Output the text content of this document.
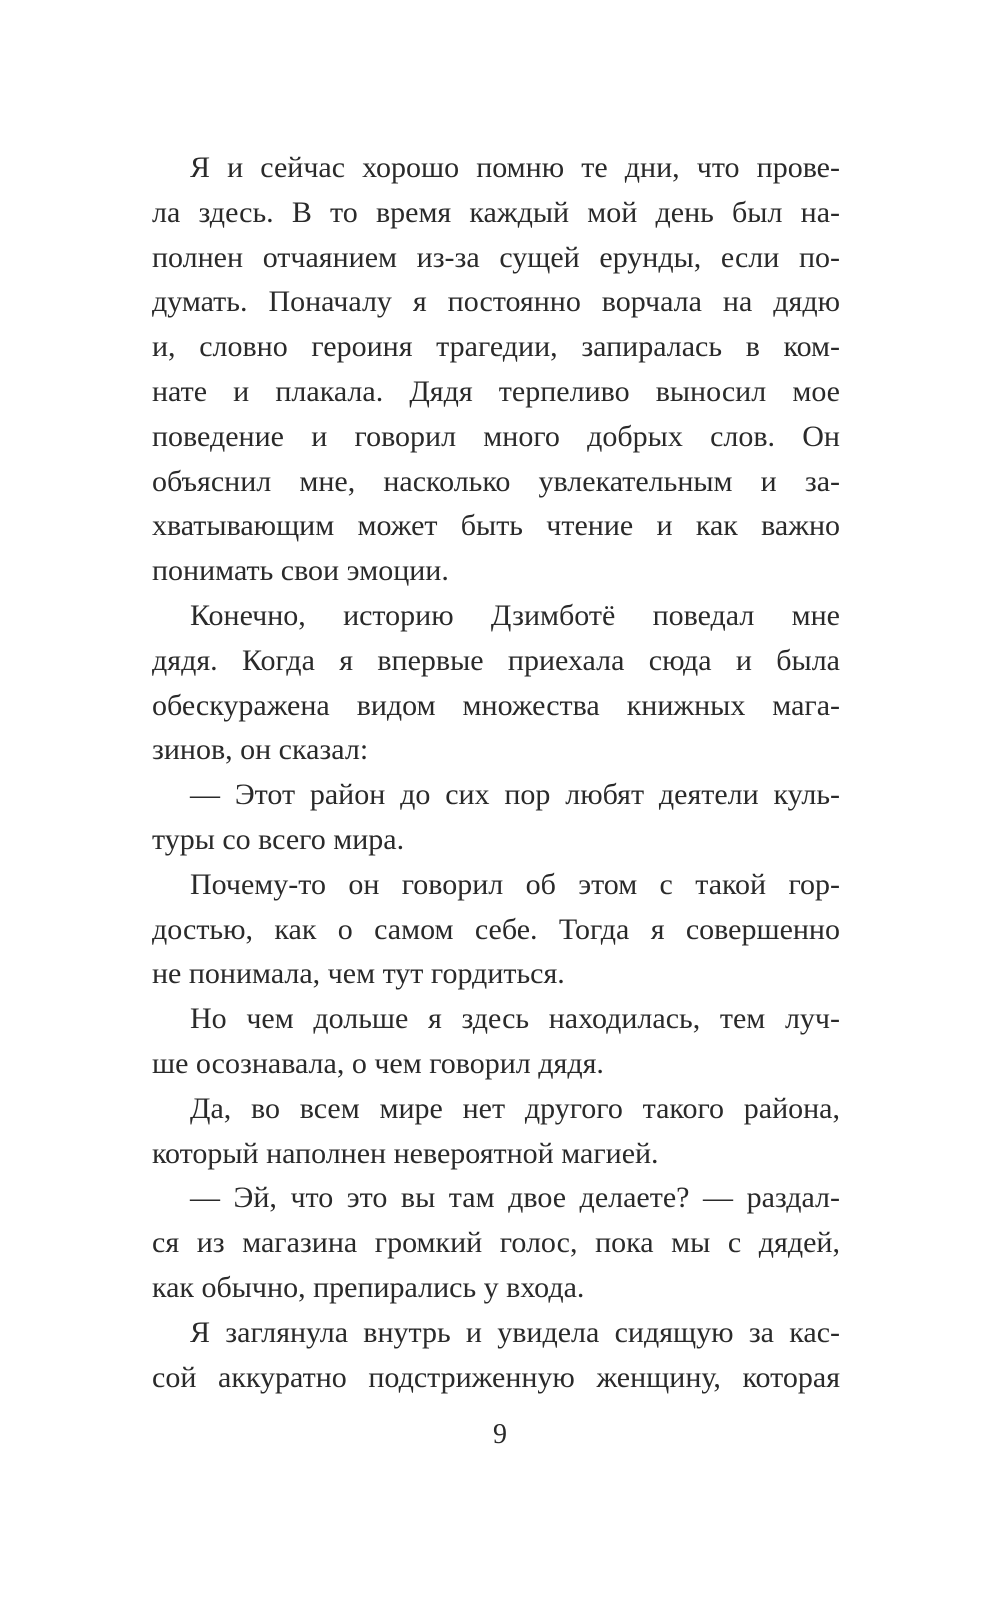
Я и сейчас хорошо помню те дни, что прове-
ла здесь. В то время каждый мой день был на-
полнен отчаянием из-за сущей ерунды, если по-
думать. Поначалу я постоянно ворчала на дядю
и, словно героиня трагедии, запиралась в ком-
нате и плакала. Дядя терпеливо выносил мое
поведение и говорил много добрых слов. Он
объяснил мне, насколько увлекательным и за-
хватывающим может быть чтение и как важно
понимать свои эмоции.
Конечно, историю Дзимботё поведал мне
дядя. Когда я впервые приехала сюда и была
обескуражена видом множества книжных мага-
зинов, он сказал:
— Этот район до сих пор любят деятели куль-
туры со всего мира.
Почему-то он говорил об этом с такой гор-
достью, как о самом себе. Тогда я совершенно
не понимала, чем тут гордиться.
Но чем дольше я здесь находилась, тем луч-
ше осознавала, о чем говорил дядя.
Да, во всем мире нет другого такого района,
который наполнен невероятной магией.
— Эй, что это вы там двое делаете? — раздал-
ся из магазина громкий голос, пока мы с дядей,
как обычно, препирались у входа.
Я заглянула внутрь и увидела сидящую за кас-
сой аккуратно подстриженную женщину, которая
9
